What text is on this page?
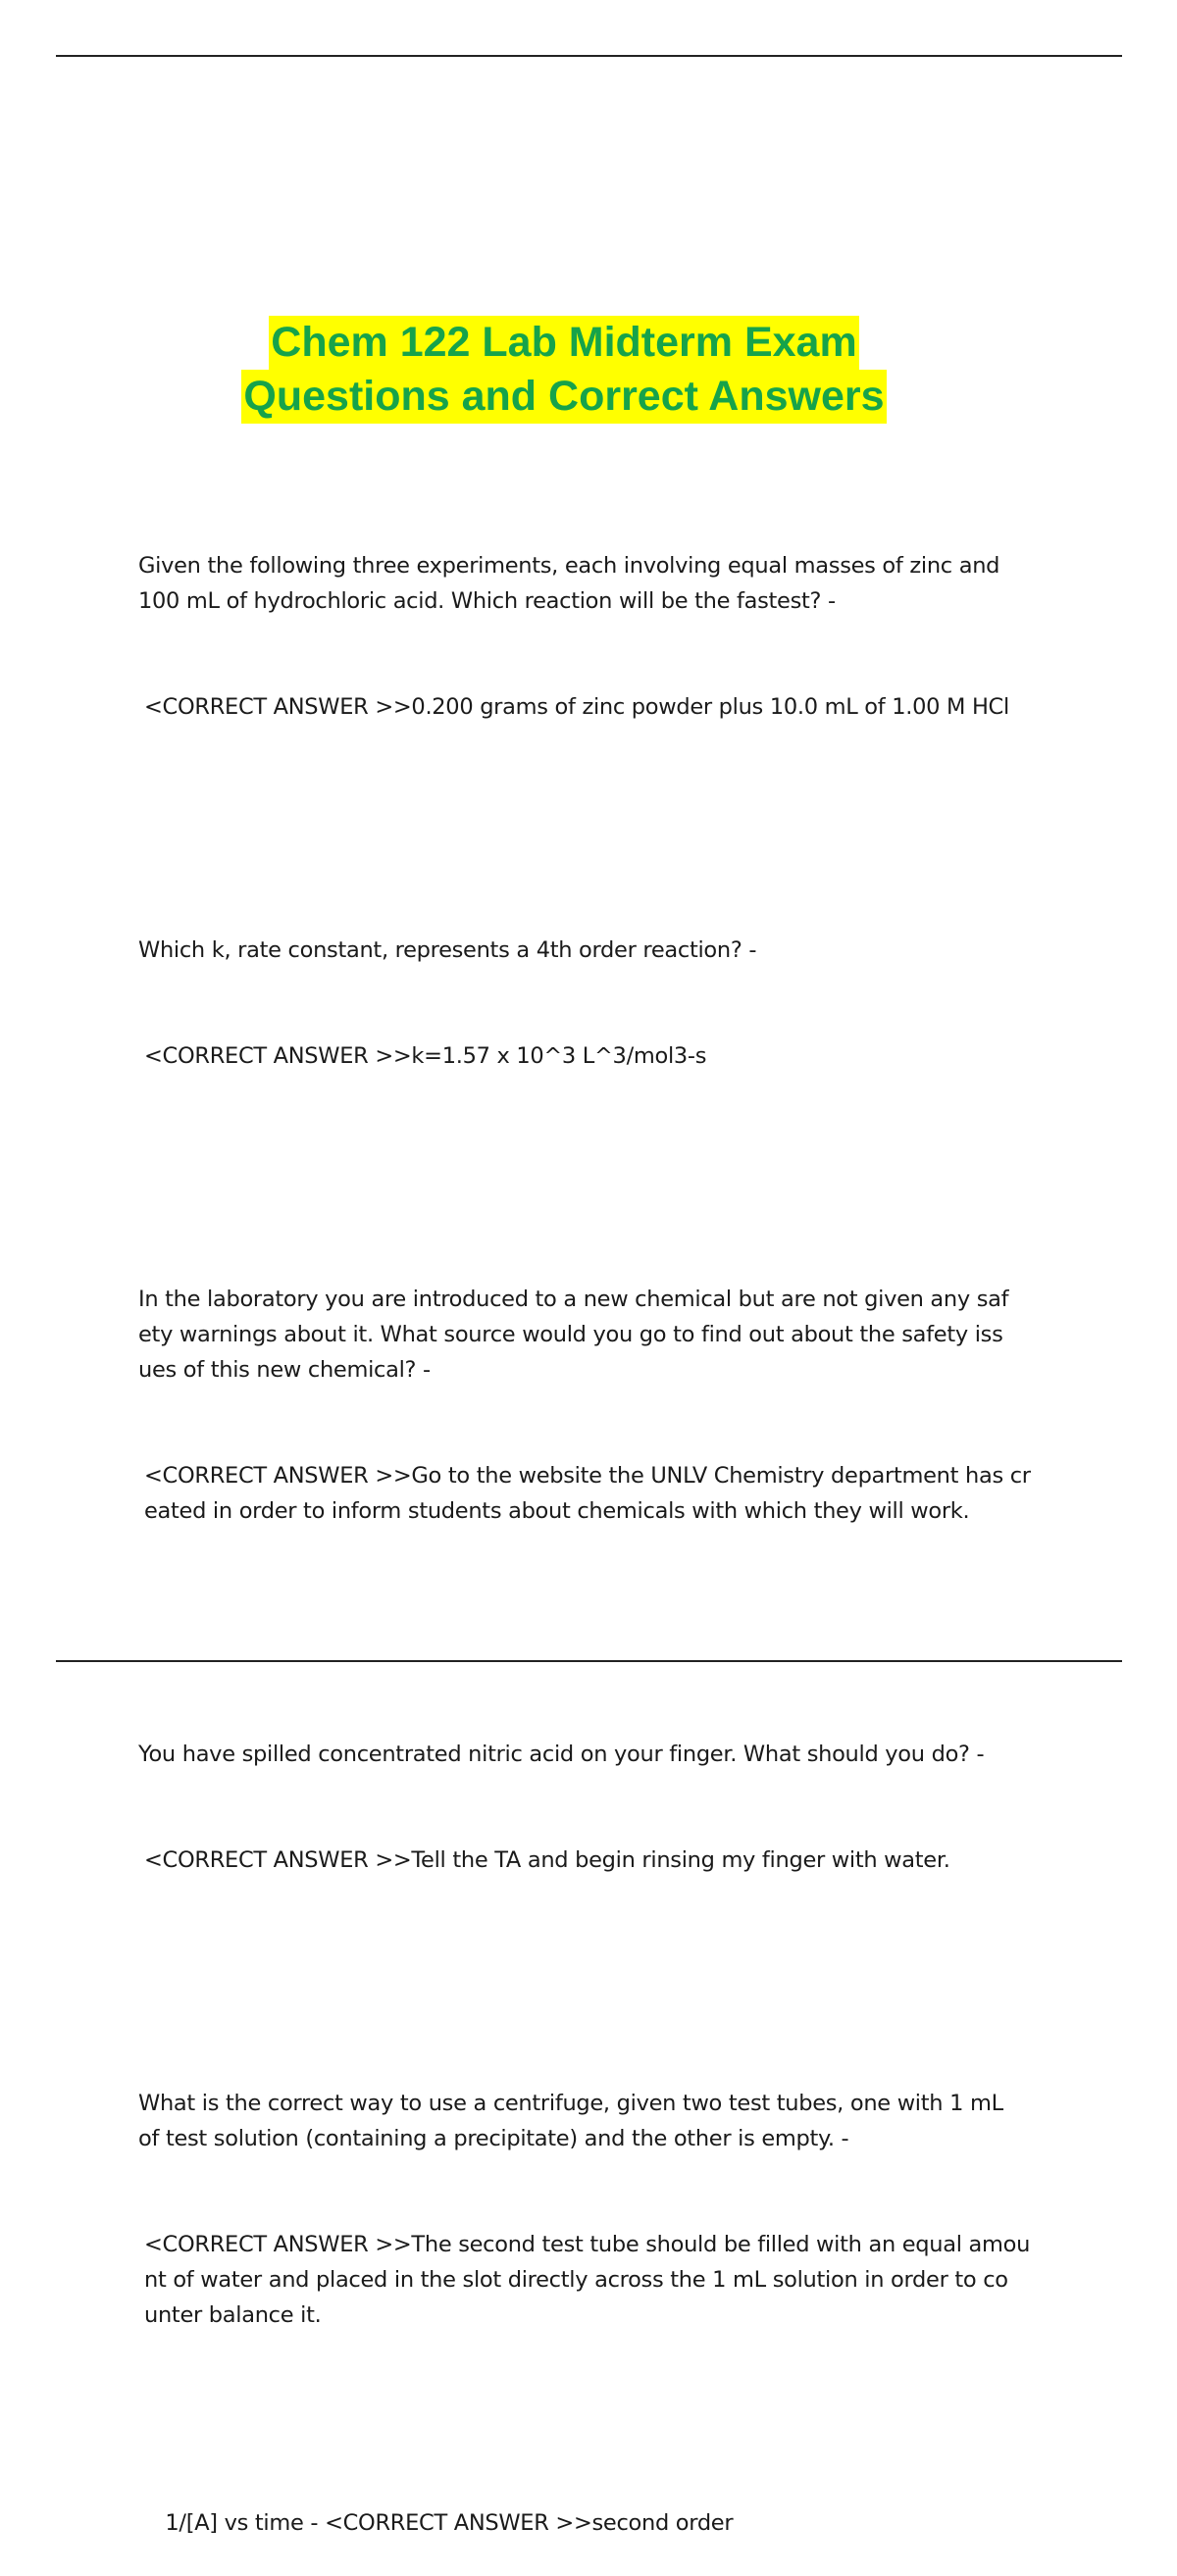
Chem 122 Lab Midterm Exam
Questions and Correct Answers

Given the following three experiments, each involving equal masses of zinc and
100 mL of hydrochloric acid. Which reaction will be the fastest? -

<CORRECT ANSWER >>0.200 grams of zinc powder plus 10.0 mL of 1.00 M HCl

Which k, rate constant, represents a 4th order reaction? -

<CORRECT ANSWER >>k=1.57 x 10^3 L^3/mol3-s

In the laboratory you are introduced to a new chemical but are not given any saf
ety warnings about it. What source would you go to find out about the safety iss
ues of this new chemical? -

<CORRECT ANSWER >>Go to the website the UNLV Chemistry department has cr
eated in order to inform students about chemicals with which they will work.

You have spilled concentrated nitric acid on your finger. What should you do? -

<CORRECT ANSWER >>Tell the TA and begin rinsing my finger with water.

What is the correct way to use a centrifuge, given two test tubes, one with 1 mL
of test solution (containing a precipitate) and the other is empty. -

<CORRECT ANSWER >>The second test tube should be filled with an equal amou
nt of water and placed in the slot directly across the 1 mL solution in order to co
unter balance it.

1/[A] vs time - <CORRECT ANSWER >>second order
